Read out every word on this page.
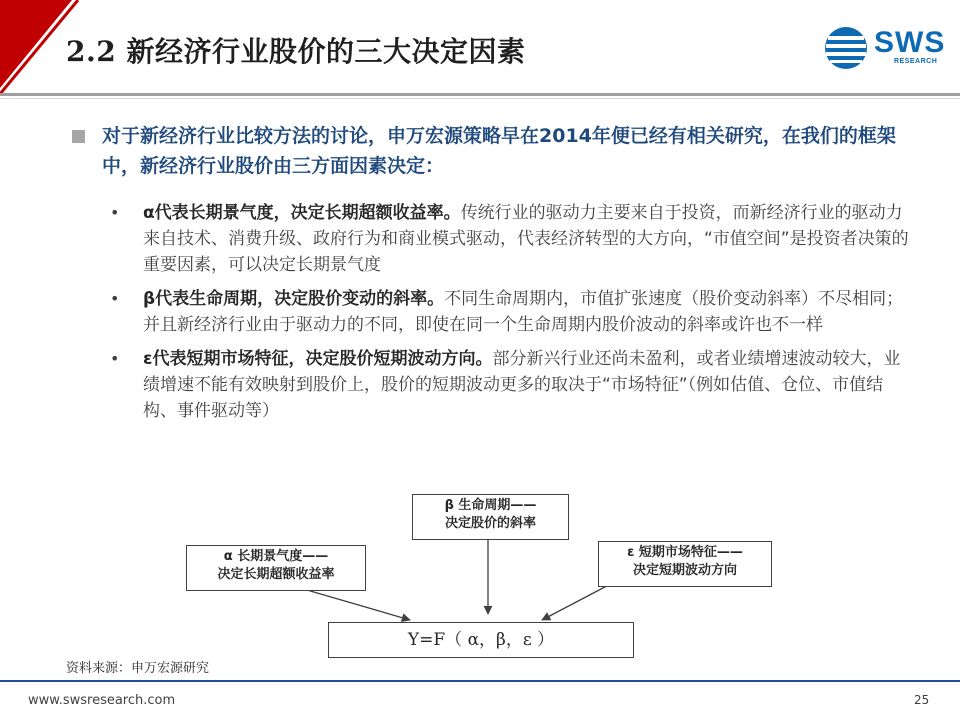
2.2 新经济行业股价的三大决定因素	SWS
RESEARCH
对于新经济行业比较方法的讨论，申万宏源策略早在2014年便已经有相关研究，在我们的框架中，新经济行业股价由三方面因素决定：
• α代表长期景气度，决定长期超额收益率。传统行业的驱动力主要来自于投资，而新经济行业的驱动力来自技术、消费升级、政府行为和商业模式驱动，代表经济转型的大方向，“市值空间”是投资者决策的重要因素，可以决定长期景气度
• β代表生命周期，决定股价变动的斜率。不同生命周期内，市值扩张速度（股价变动斜率）不尽相同；并且新经济行业由于驱动力的不同，即使在同一个生命周期内股价波动的斜率或许也不一样
• ε代表短期市场特征，决定股价短期波动方向。部分新兴行业还尚未盈利，或者业绩增速波动较大，业绩增速不能有效映射到股价上，股价的短期波动更多的取决于“市场特征”（例如估值、仓位、市值结构、事件驱动等）
β 生命周期——
决定股价的斜率
α 长期景气度——
决定长期超额收益率
ε 短期市场特征——
决定短期波动方向
Y=F（ α，β，ε ）
资料来源：申万宏源研究
www.swsresearch.com	25
